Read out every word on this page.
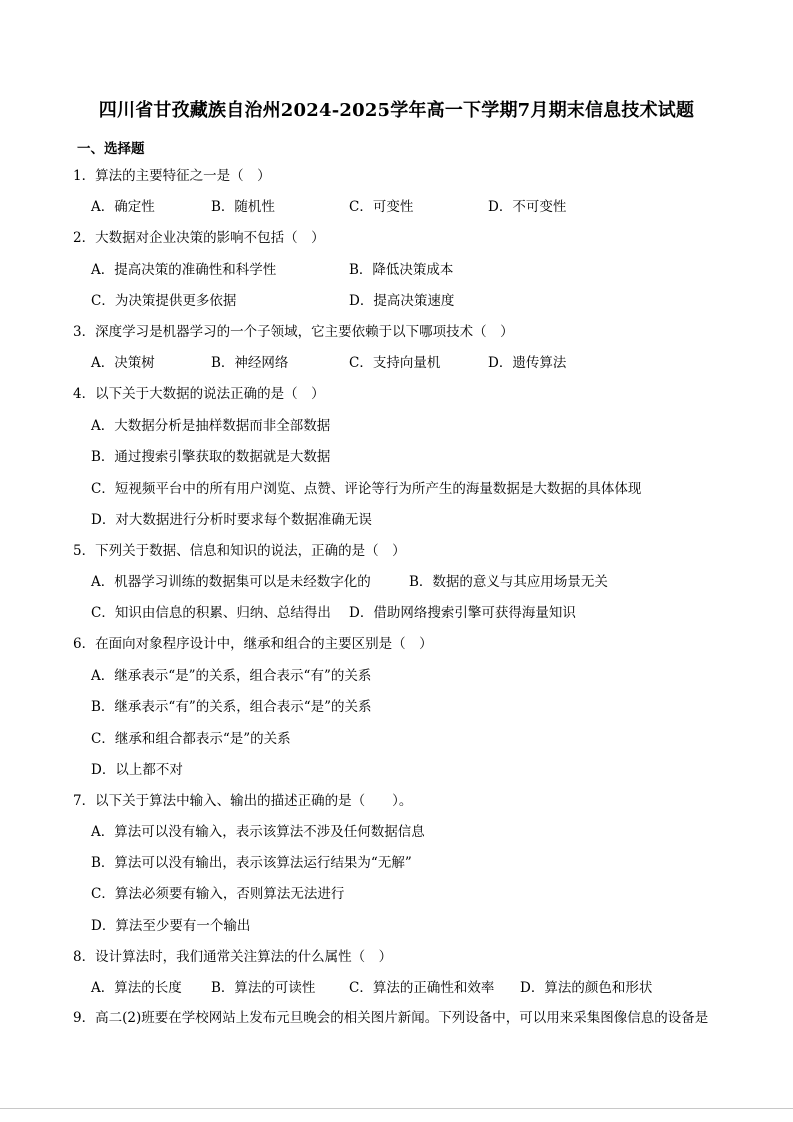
四川省甘孜藏族自治州2024-2025学年高一下学期7月期末信息技术试题
一、选择题
1．算法的主要特征之一是（　）
A．确定性	B．随机性	C．可变性	D．不可变性
2．大数据对企业决策的影响不包括（　）
A．提高决策的准确性和科学性	B．降低决策成本
C．为决策提供更多依据	D．提高决策速度
3．深度学习是机器学习的一个子领域，它主要依赖于以下哪项技术（　）
A．决策树	B．神经网络	C．支持向量机	D．遗传算法
4．以下关于大数据的说法正确的是（　）
A．大数据分析是抽样数据而非全部数据
B．通过搜索引擎获取的数据就是大数据
C．短视频平台中的所有用户浏览、点赞、评论等行为所产生的海量数据是大数据的具体体现
D．对大数据进行分析时要求每个数据准确无误
5．下列关于数据、信息和知识的说法，正确的是（　）
A．机器学习训练的数据集可以是未经数字化的	B．数据的意义与其应用场景无关
C．知识由信息的积累、归纳、总结得出 D．借助网络搜索引擎可获得海量知识
6．在面向对象程序设计中，继承和组合的主要区别是（　）
A．继承表示“是”的关系，组合表示“有”的关系
B．继承表示“有”的关系，组合表示“是”的关系
C．继承和组合都表示“是”的关系
D．以上都不对
7．以下关于算法中输入、输出的描述正确的是（　　）。
A．算法可以没有输入，表示该算法不涉及任何数据信息
B．算法可以没有输出，表示该算法运行结果为“无解”
C．算法必须要有输入，否则算法无法进行
D．算法至少要有一个输出
8．设计算法时，我们通常关注算法的什么属性（　）
A．算法的长度 B．算法的可读性 C．算法的正确性和效率 D．算法的颜色和形状
9．高二(2)班要在学校网站上发布元旦晚会的相关图片新闻。下列设备中，可以用来采集图像信息的设备是
